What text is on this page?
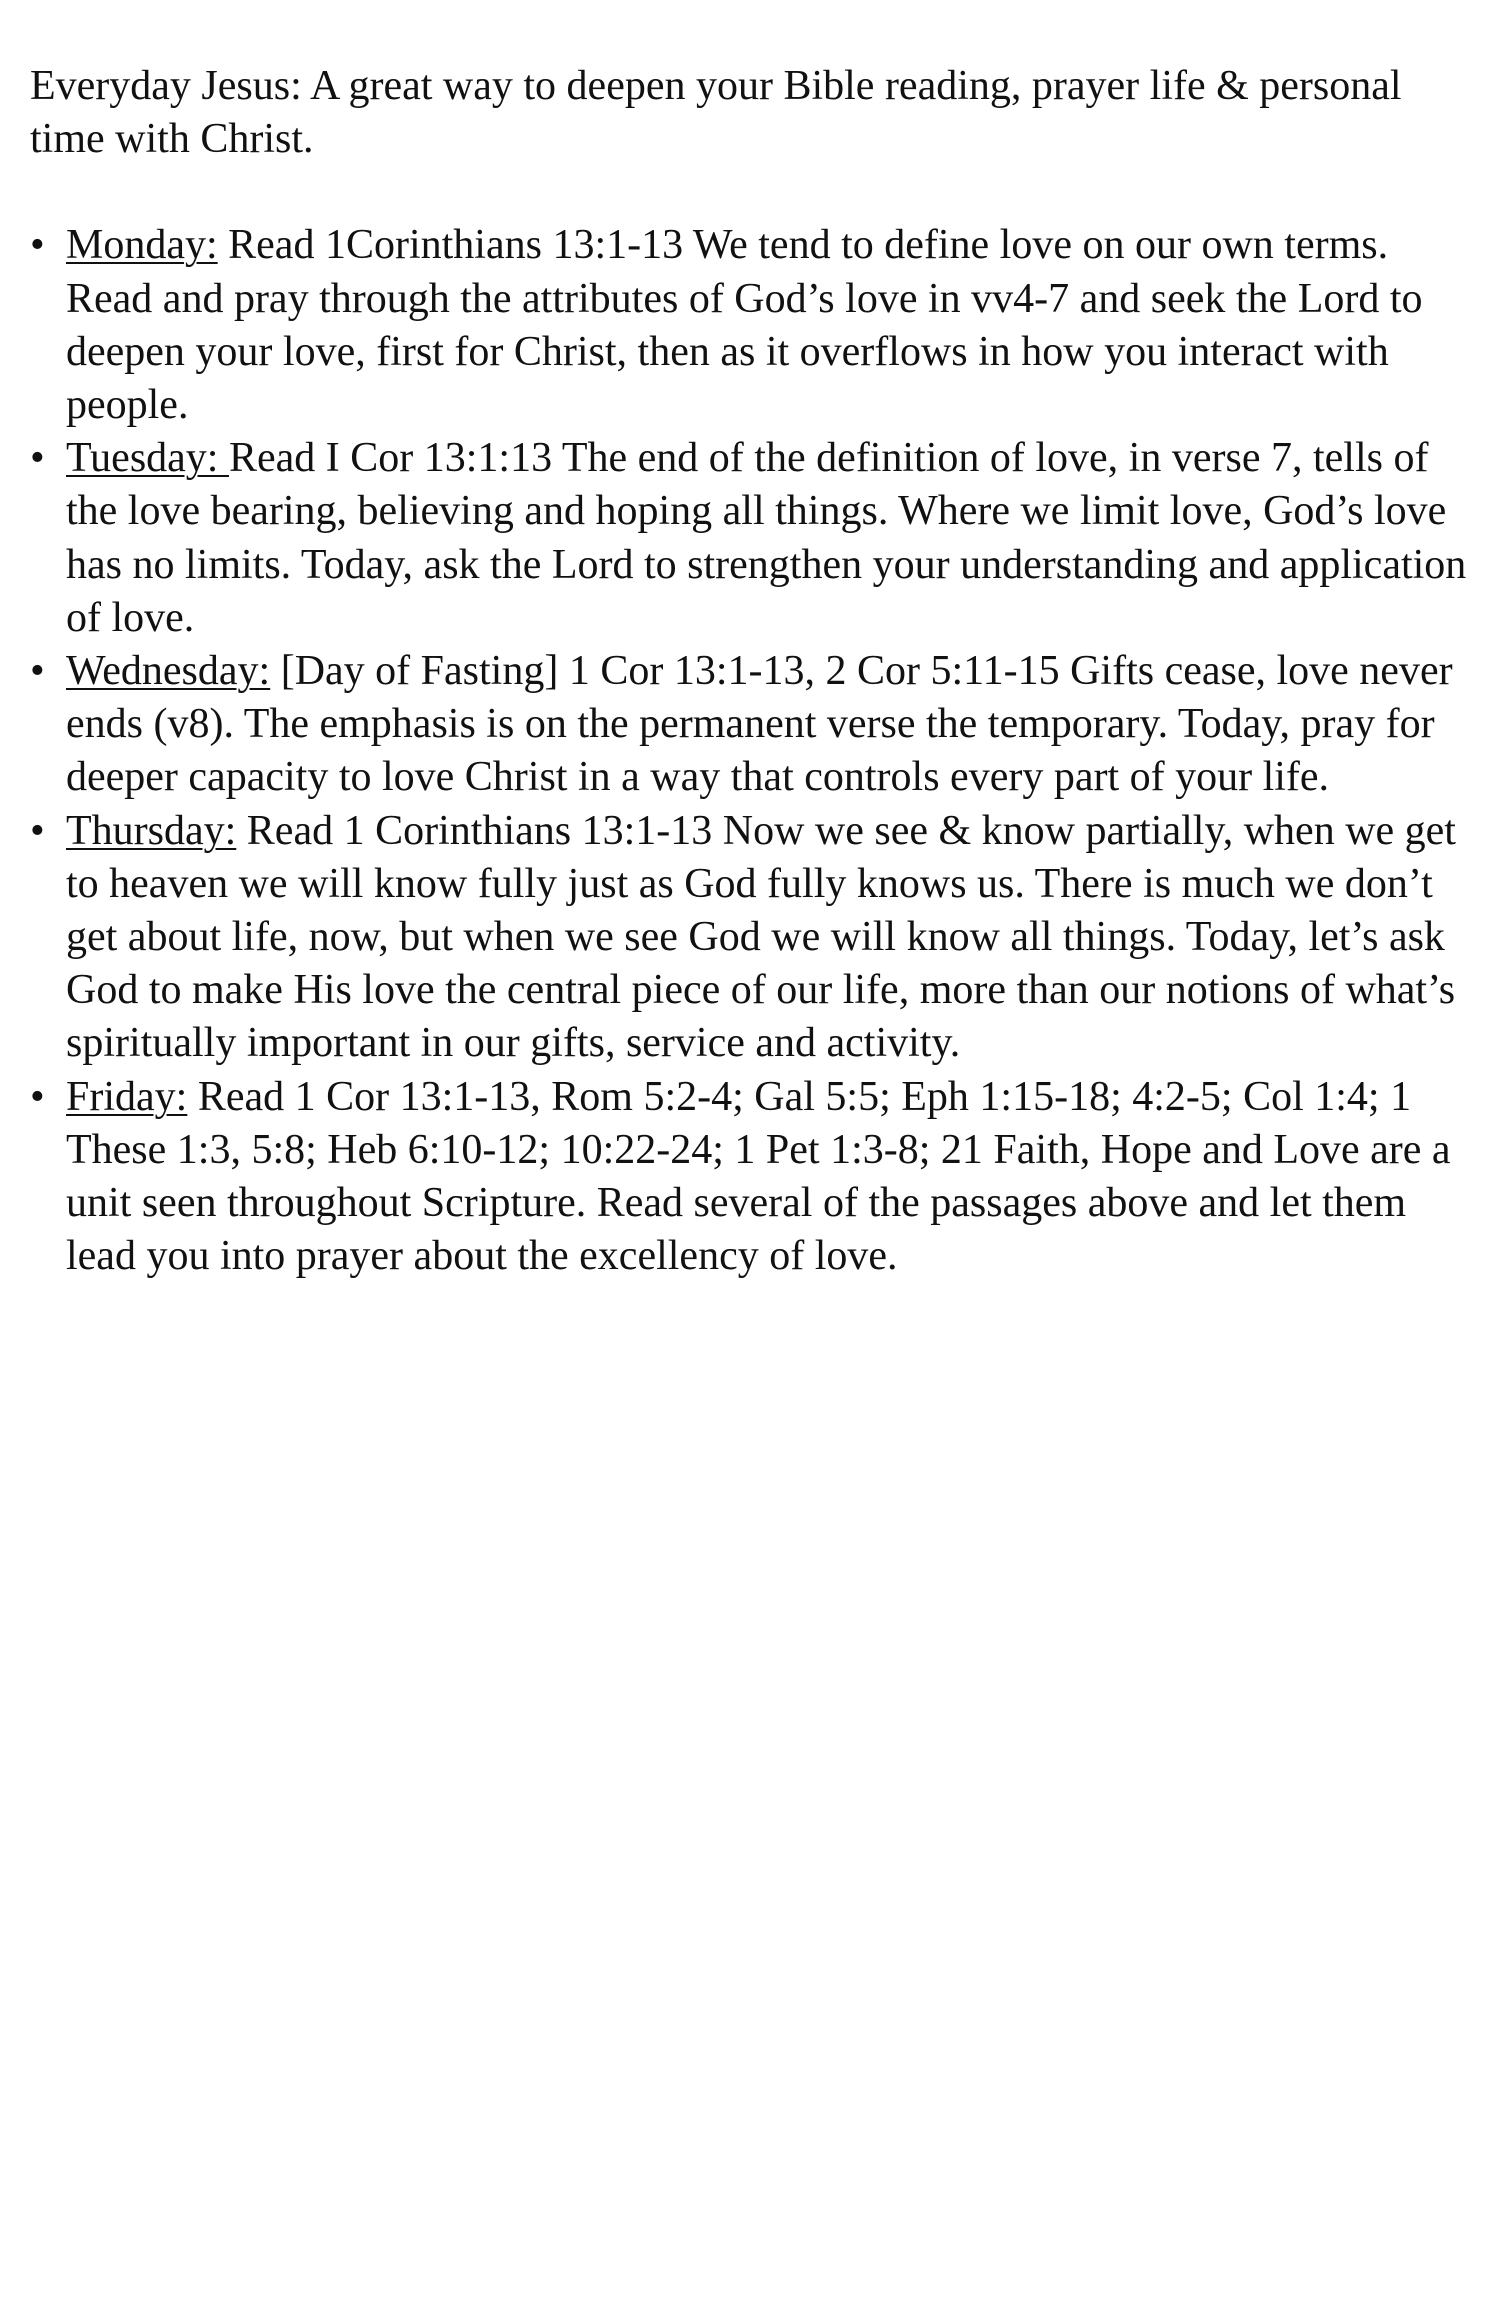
Everyday Jesus: A great way to deepen your Bible reading, prayer life & personal time with Christ.

• Monday: Read 1Corinthians 13:1-13 We tend to define love on our own terms. Read and pray through the attributes of God’s love in vv4-7 and seek the Lord to deepen your love, first for Christ, then as it overflows in how you interact with people.
• Tuesday: Read I Cor 13:1:13 The end of the definition of love, in verse 7, tells of the love bearing, believing and hoping all things. Where we limit love, God’s love has no limits. Today, ask the Lord to strengthen your understanding and application of love.
• Wednesday: [Day of Fasting] 1 Cor 13:1-13, 2 Cor 5:11-15 Gifts cease, love never ends (v8). The emphasis is on the permanent verse the temporary. Today, pray for deeper capacity to love Christ in a way that controls every part of your life.
• Thursday: Read 1 Corinthians 13:1-13 Now we see & know partially, when we get to heaven we will know fully just as God fully knows us. There is much we don’t get about life, now, but when we see God we will know all things. Today, let’s ask God to make His love the central piece of our life, more than our notions of what’s spiritually important in our gifts, service and activity.
• Friday: Read 1 Cor 13:1-13, Rom 5:2-4; Gal 5:5; Eph 1:15-18; 4:2-5; Col 1:4; 1 These 1:3, 5:8; Heb 6:10-12; 10:22-24; 1 Pet 1:3-8; 21 Faith, Hope and Love are a unit seen throughout Scripture. Read several of the passages above and let them lead you into prayer about the excellency of love.
